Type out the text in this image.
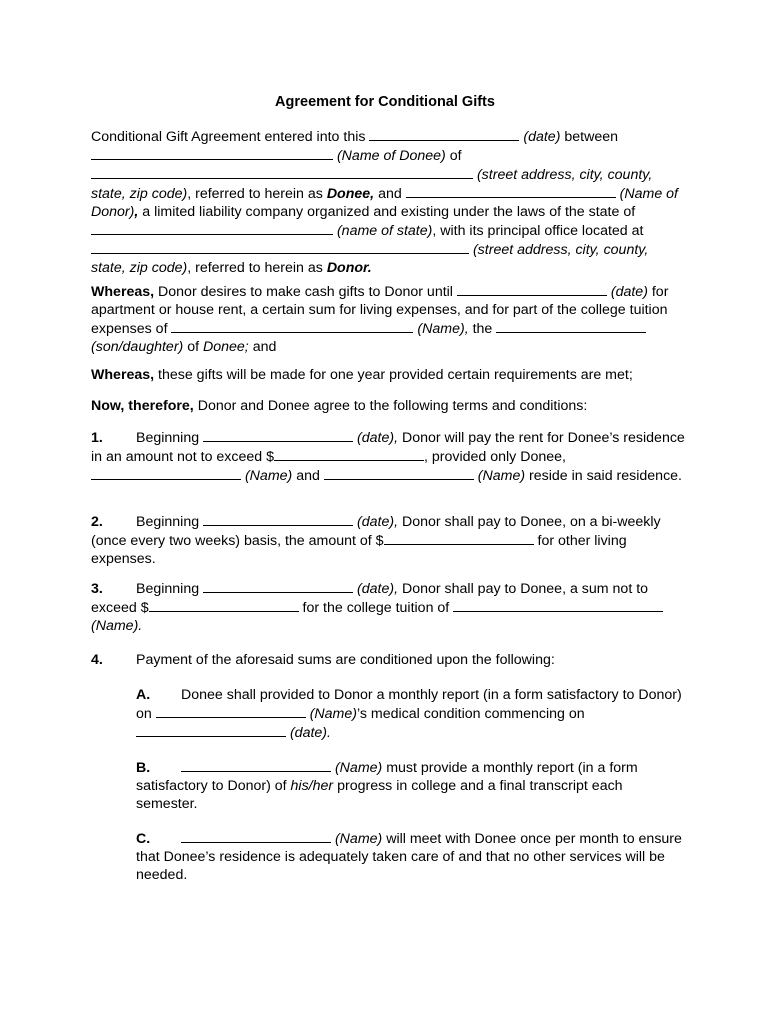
Agreement for Conditional Gifts
Conditional Gift Agreement entered into this	(date) between  (Name of Donee) of  (street address, city, county, state, zip code), referred to herein as Donee, and	(Name of Donor), a limited liability company organized and existing under the laws of the state of  (name of state), with its principal office located at  (street address, city, county, state, zip code), referred to herein as Donor.
Whereas, Donor desires to make cash gifts to Donor until	(date) for apartment or house rent, a certain sum for living expenses, and for part of the college tuition expenses of	(Name), the  (son/daughter) of Donee; and
Whereas, these gifts will be made for one year provided certain requirements are met;
Now, therefore, Donor and Donee agree to the following terms and conditions:
1. Beginning	(date), Donor will pay the rent for Donee’s residence in an amount not to exceed $	, provided only Donee,  (Name) and	(Name) reside in said residence.
2. Beginning	(date), Donor shall pay to Donee, on a bi-weekly (once every two weeks) basis, the amount of $	for other living expenses.
3. Beginning	(date), Donor shall pay to Donee, a sum not to exceed $	for the college tuition of  (Name).
4. Payment of the aforesaid sums are conditioned upon the following:
A. Donee shall provided to Donor a monthly report (in a form satisfactory to Donor) on	(Name)’s medical condition commencing on  (date).
B.	(Name) must provide a monthly report (in a form satisfactory to Donor) of his/her progress in college and a final transcript each semester.
C.	(Name) will meet with Donee once per month to ensure that Donee’s residence is adequately taken care of and that no other services will be needed.
